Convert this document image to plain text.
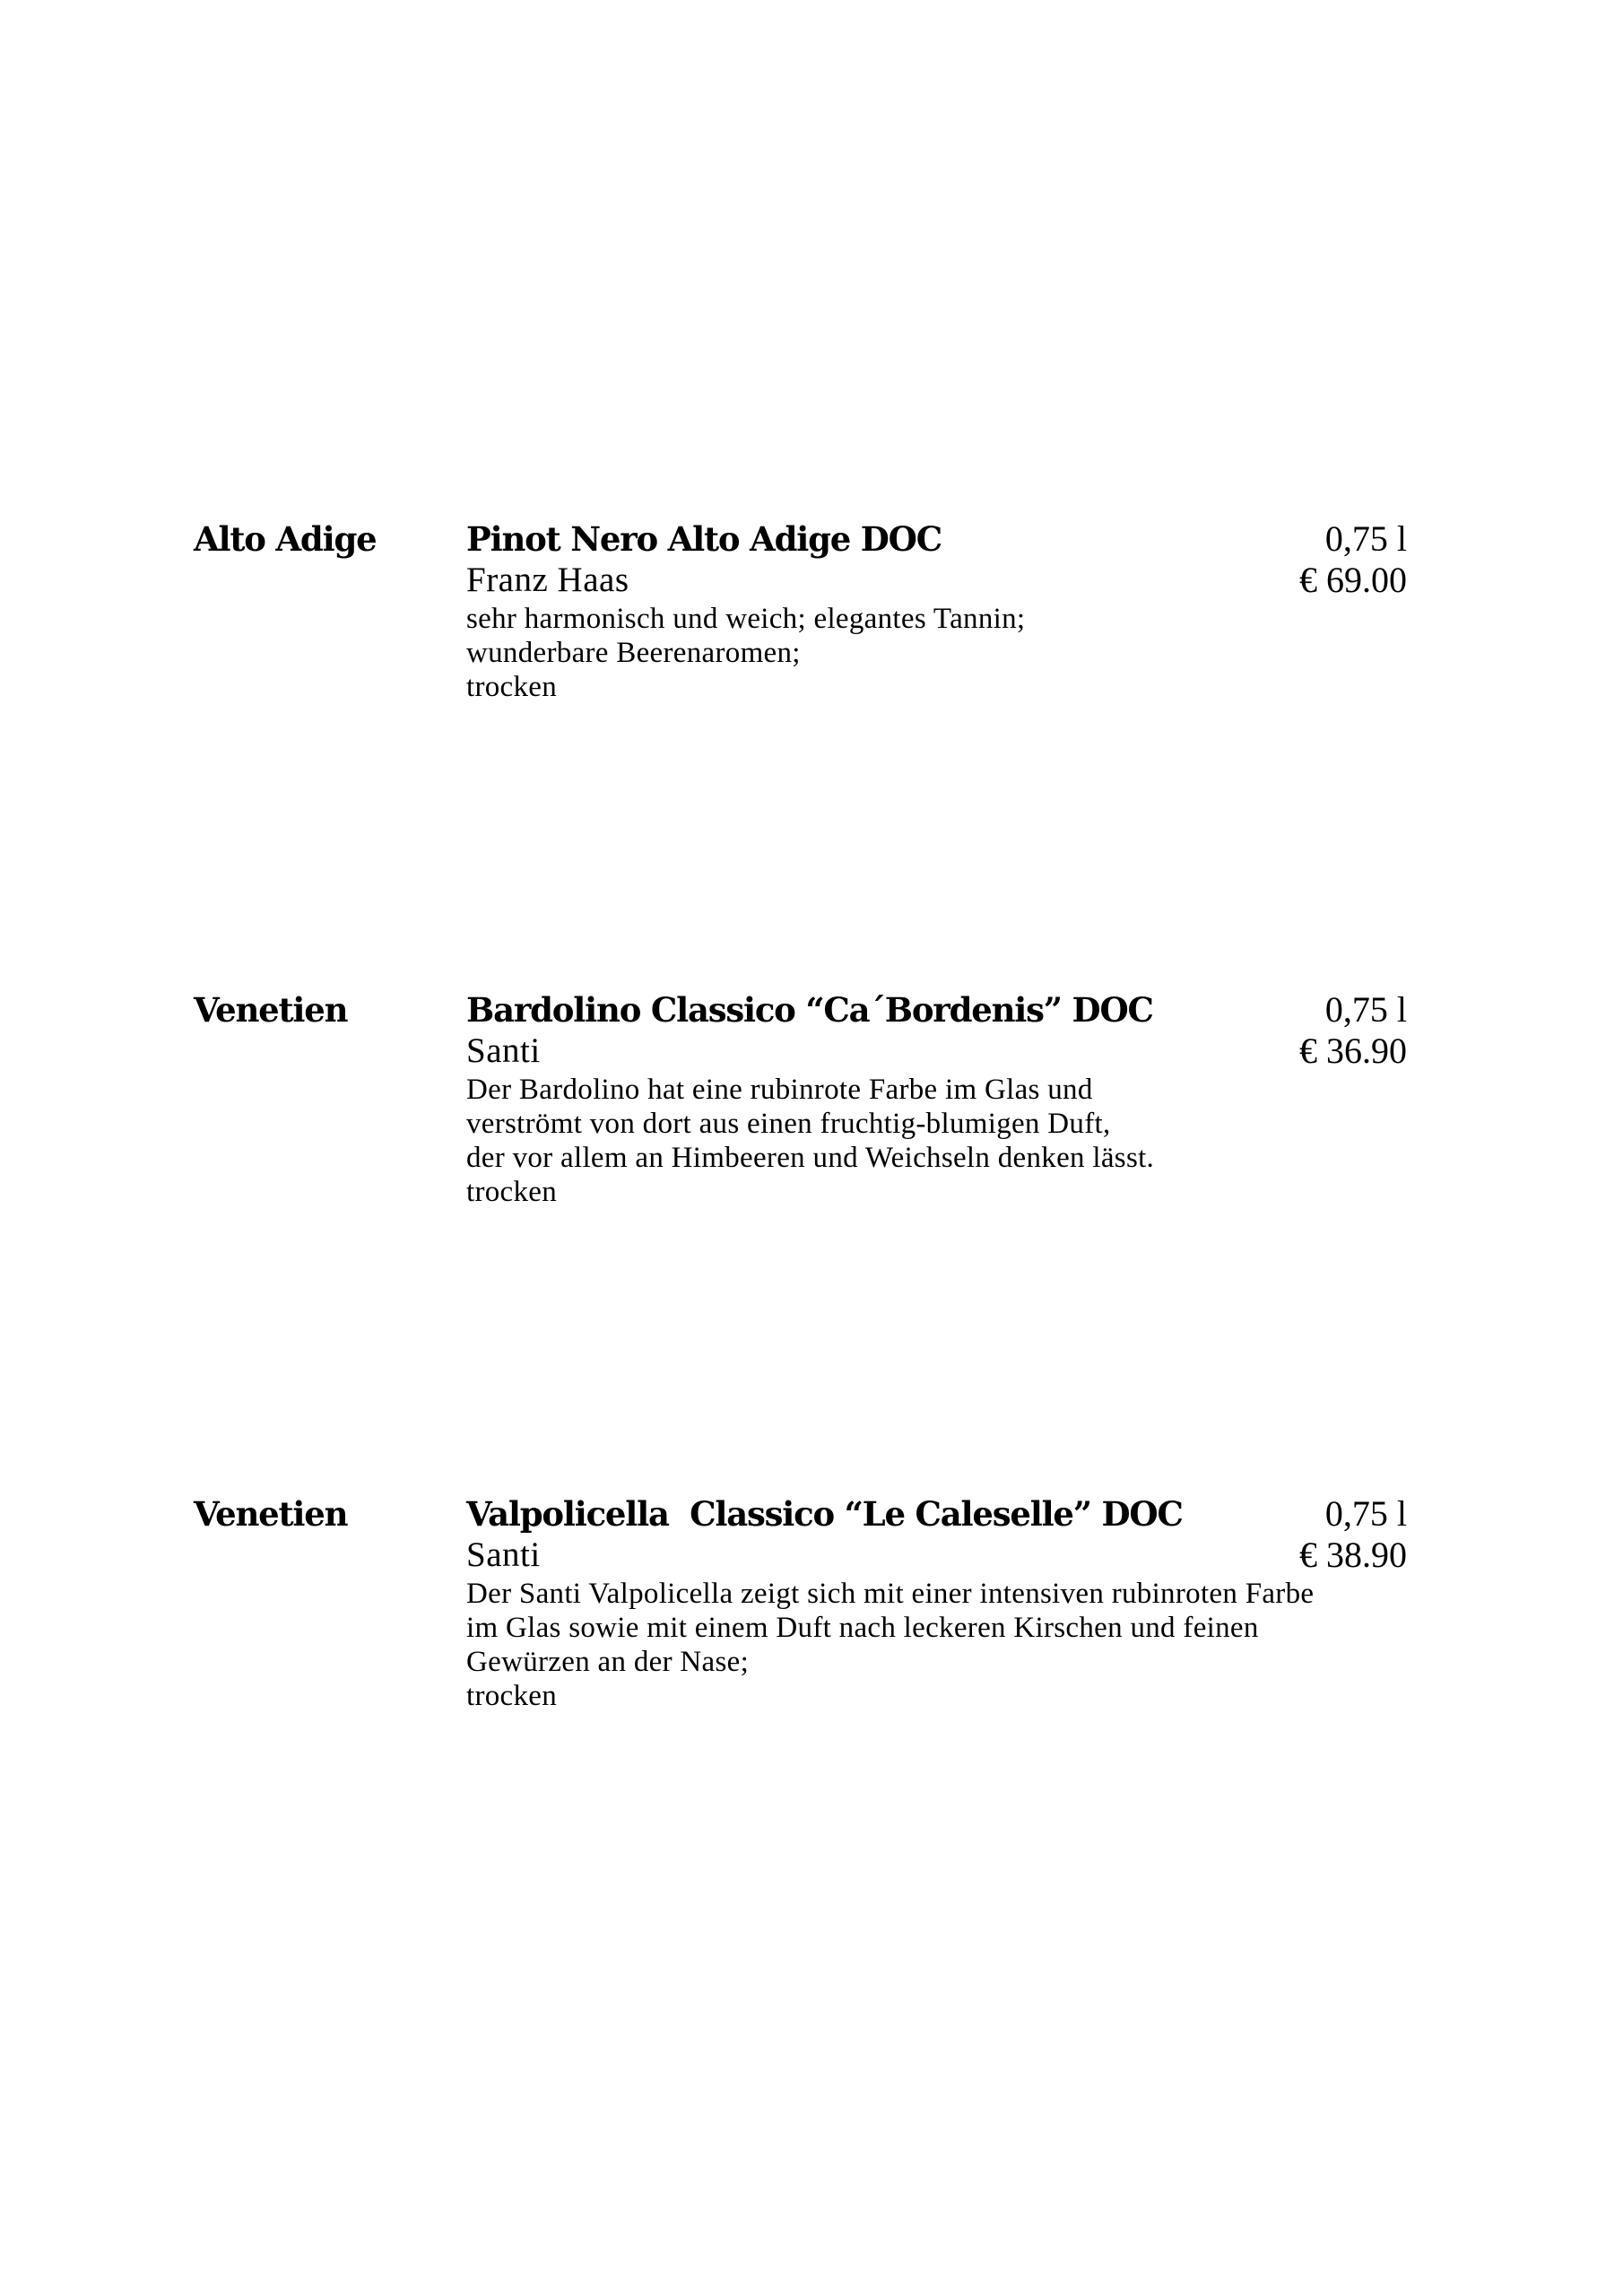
Alto Adige	Pinot Nero Alto Adige DOC	0,75 l
Franz Haas	€ 69.00
sehr harmonisch und weich; elegantes Tannin;
wunderbare Beerenaromen;
trocken
Venetien	Bardolino Classico “Ca´Bordenis” DOC	0,75 l
Santi	€ 36.90
Der Bardolino hat eine rubinrote Farbe im Glas und
verströmt von dort aus einen fruchtig-blumigen Duft,
der vor allem an Himbeeren und Weichseln denken lässt.
trocken
Venetien	Valpolicella  Classico “Le Caleselle” DOC	0,75 l
Santi	€ 38.90
Der Santi Valpolicella zeigt sich mit einer intensiven rubinroten Farbe
im Glas sowie mit einem Duft nach leckeren Kirschen und feinen
Gewürzen an der Nase;
trocken
